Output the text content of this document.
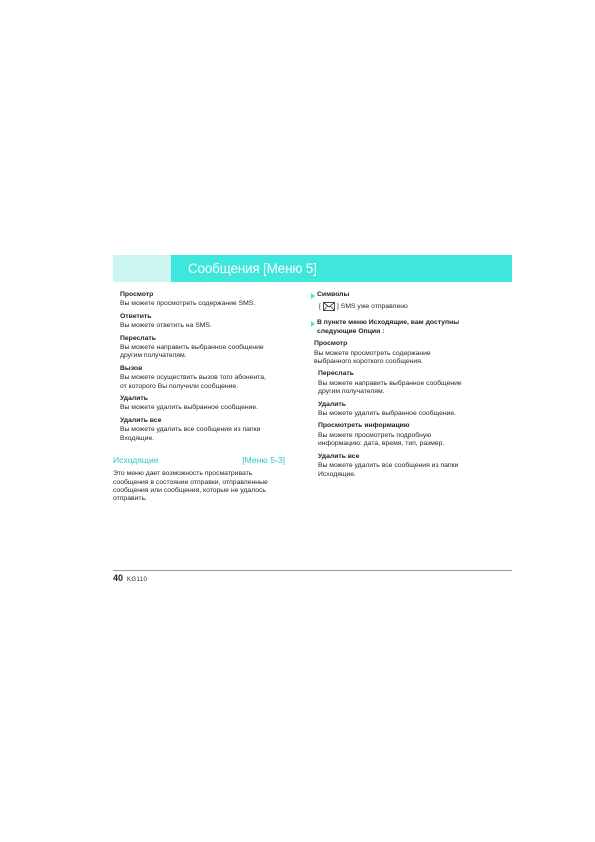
Сообщения [Меню 5]
Просмотр
Вы можете просмотреть содержание SMS.
Ответить
Вы можете ответить на SMS.
Переслать
Вы можете направить выбранное сообщение
другим получателям.
Вызов
Вы можете осуществить вызов того абонента,
от которого Вы получили сообщение.
Удалить
Вы можете удалить выбранное сообщение.
Удалить все
Вы можете удалить все сообщения из папки
Входящие.
Исходящие	[Меню 5-3]
Это меню дает возможность просматривать
сообщения в состоянии отправки, отправленные
сообщения или сообщения, которые не удалось
отправить.
Символы
[ ] SMS уже отправлено
В пункте меню Исходящие, вам доступны
следующие Опции :
Просмотр
Вы можете просмотреть содержание
выбранного короткого сообщения.
Переслать
Вы можете направить выбранное сообщение
другим получателям.
Удалить
Вы можете удалить выбранное сообщение.
Просмотреть информацию
Вы можете просмотреть подробную
информацию: дата, время, тип, размер.
Удалить все
Вы можете удалить все сообщения из папки
Исходящие.
40 KG110
